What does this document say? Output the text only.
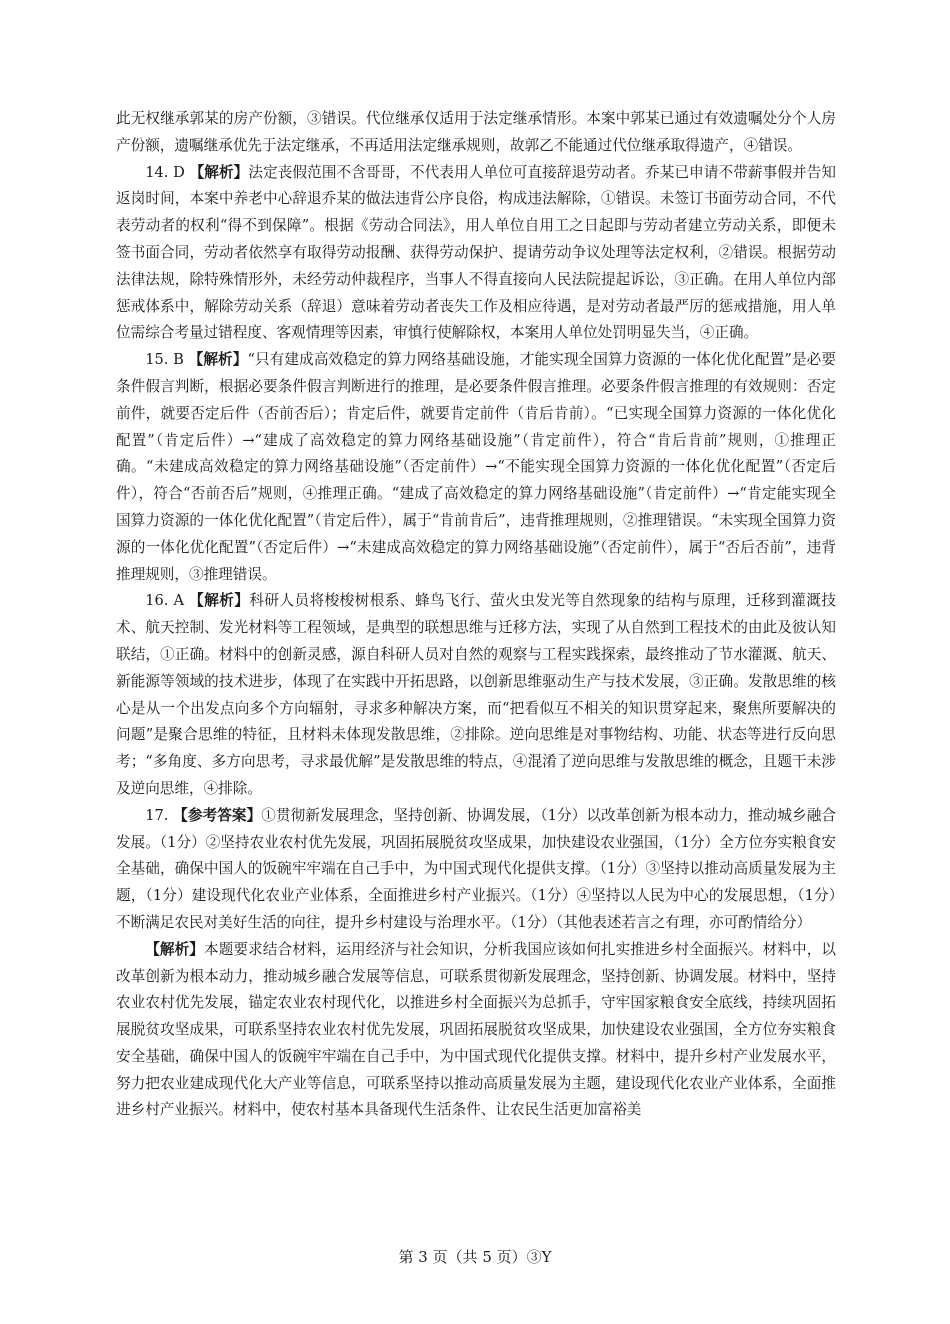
此无权继承郭某的房产份额，③错误。代位继承仅适用于法定继承情形。本案中郭某已通过有效遗嘱处分个人房产份额，遗嘱继承优先于法定继承，不再适用法定继承规则，故郭乙不能通过代位继承取得遗产，④错误。

14. D 【解析】法定丧假范围不含哥哥，不代表用人单位可直接辞退劳动者。乔某已申请不带薪事假并告知返岗时间，本案中养老中心辞退乔某的做法违背公序良俗，构成违法解除，①错误。未签订书面劳动合同，不代表劳动者的权利“得不到保障”。根据《劳动合同法》，用人单位自用工之日起即与劳动者建立劳动关系，即便未签书面合同，劳动者依然享有取得劳动报酬、获得劳动保护、提请劳动争议处理等法定权利，②错误。根据劳动法律法规，除特殊情形外，未经劳动仲裁程序，当事人不得直接向人民法院提起诉讼，③正确。在用人单位内部惩戒体系中，解除劳动关系（辞退）意味着劳动者丧失工作及相应待遇，是对劳动者最严厉的惩戒措施，用人单位需综合考量过错程度、客观情理等因素，审慎行使解除权，本案用人单位处罚明显失当，④正确。

15. B 【解析】“只有建成高效稳定的算力网络基础设施，才能实现全国算力资源的一体化优化配置”是必要条件假言判断，根据必要条件假言判断进行的推理，是必要条件假言推理。必要条件假言推理的有效规则：否定前件，就要否定后件（否前否后）；肯定后件，就要肯定前件（肯后肯前）。“已实现全国算力资源的一体化优化配置”（肯定后件）→“建成了高效稳定的算力网络基础设施”（肯定前件），符合“肯后肯前”规则，①推理正确。“未建成高效稳定的算力网络基础设施”（否定前件）→“不能实现全国算力资源的一体化优化配置”（否定后件），符合“否前否后”规则，④推理正确。“建成了高效稳定的算力网络基础设施”（肯定前件）→“肯定能实现全国算力资源的一体化优化配置”（肯定后件），属于“肯前肯后”，违背推理规则，②推理错误。“未实现全国算力资源的一体化优化配置”（否定后件）→“未建成高效稳定的算力网络基础设施”（否定前件），属于“否后否前”，违背推理规则，③推理错误。

16. A 【解析】科研人员将梭梭树根系、蜂鸟飞行、萤火虫发光等自然现象的结构与原理，迁移到灌溉技术、航天控制、发光材料等工程领域，是典型的联想思维与迁移方法，实现了从自然到工程技术的由此及彼认知联结，①正确。材料中的创新灵感，源自科研人员对自然的观察与工程实践探索，最终推动了节水灌溉、航天、新能源等领域的技术进步，体现了在实践中开拓思路，以创新思维驱动生产与技术发展，③正确。发散思维的核心是从一个出发点向多个方向辐射，寻求多种解决方案，而“把看似互不相关的知识贯穿起来，聚焦所要解决的问题”是聚合思维的特征，且材料未体现发散思维，②排除。逆向思维是对事物结构、功能、状态等进行反向思考；“多角度、多方向思考，寻求最优解”是发散思维的特点，④混淆了逆向思维与发散思维的概念，且题干未涉及逆向思维，④排除。

17. 【参考答案】①贯彻新发展理念，坚持创新、协调发展，（1分）以改革创新为根本动力，推动城乡融合发展。（1分）②坚持农业农村优先发展，巩固拓展脱贫攻坚成果，加快建设农业强国，（1分）全方位夯实粮食安全基础，确保中国人的饭碗牢牢端在自己手中，为中国式现代化提供支撑。（1分）③坚持以推动高质量发展为主题，（1分）建设现代化农业产业体系，全面推进乡村产业振兴。（1分）④坚持以人民为中心的发展思想，（1分）不断满足农民对美好生活的向往，提升乡村建设与治理水平。（1分）（其他表述若言之有理，亦可酌情给分）

【解析】本题要求结合材料，运用经济与社会知识，分析我国应该如何扎实推进乡村全面振兴。材料中，以改革创新为根本动力，推动城乡融合发展等信息，可联系贯彻新发展理念，坚持创新、协调发展。材料中，坚持农业农村优先发展，锚定农业农村现代化，以推进乡村全面振兴为总抓手，守牢国家粮食安全底线，持续巩固拓展脱贫攻坚成果，可联系坚持农业农村优先发展，巩固拓展脱贫攻坚成果，加快建设农业强国，全方位夯实粮食安全基础，确保中国人的饭碗牢牢端在自己手中，为中国式现代化提供支撑。材料中，提升乡村产业发展水平，努力把农业建成现代化大产业等信息，可联系坚持以推动高质量发展为主题，建设现代化农业产业体系，全面推进乡村产业振兴。材料中，使农村基本具备现代生活条件、让农民生活更加富裕美

第 3 页（共 5 页）③Y
